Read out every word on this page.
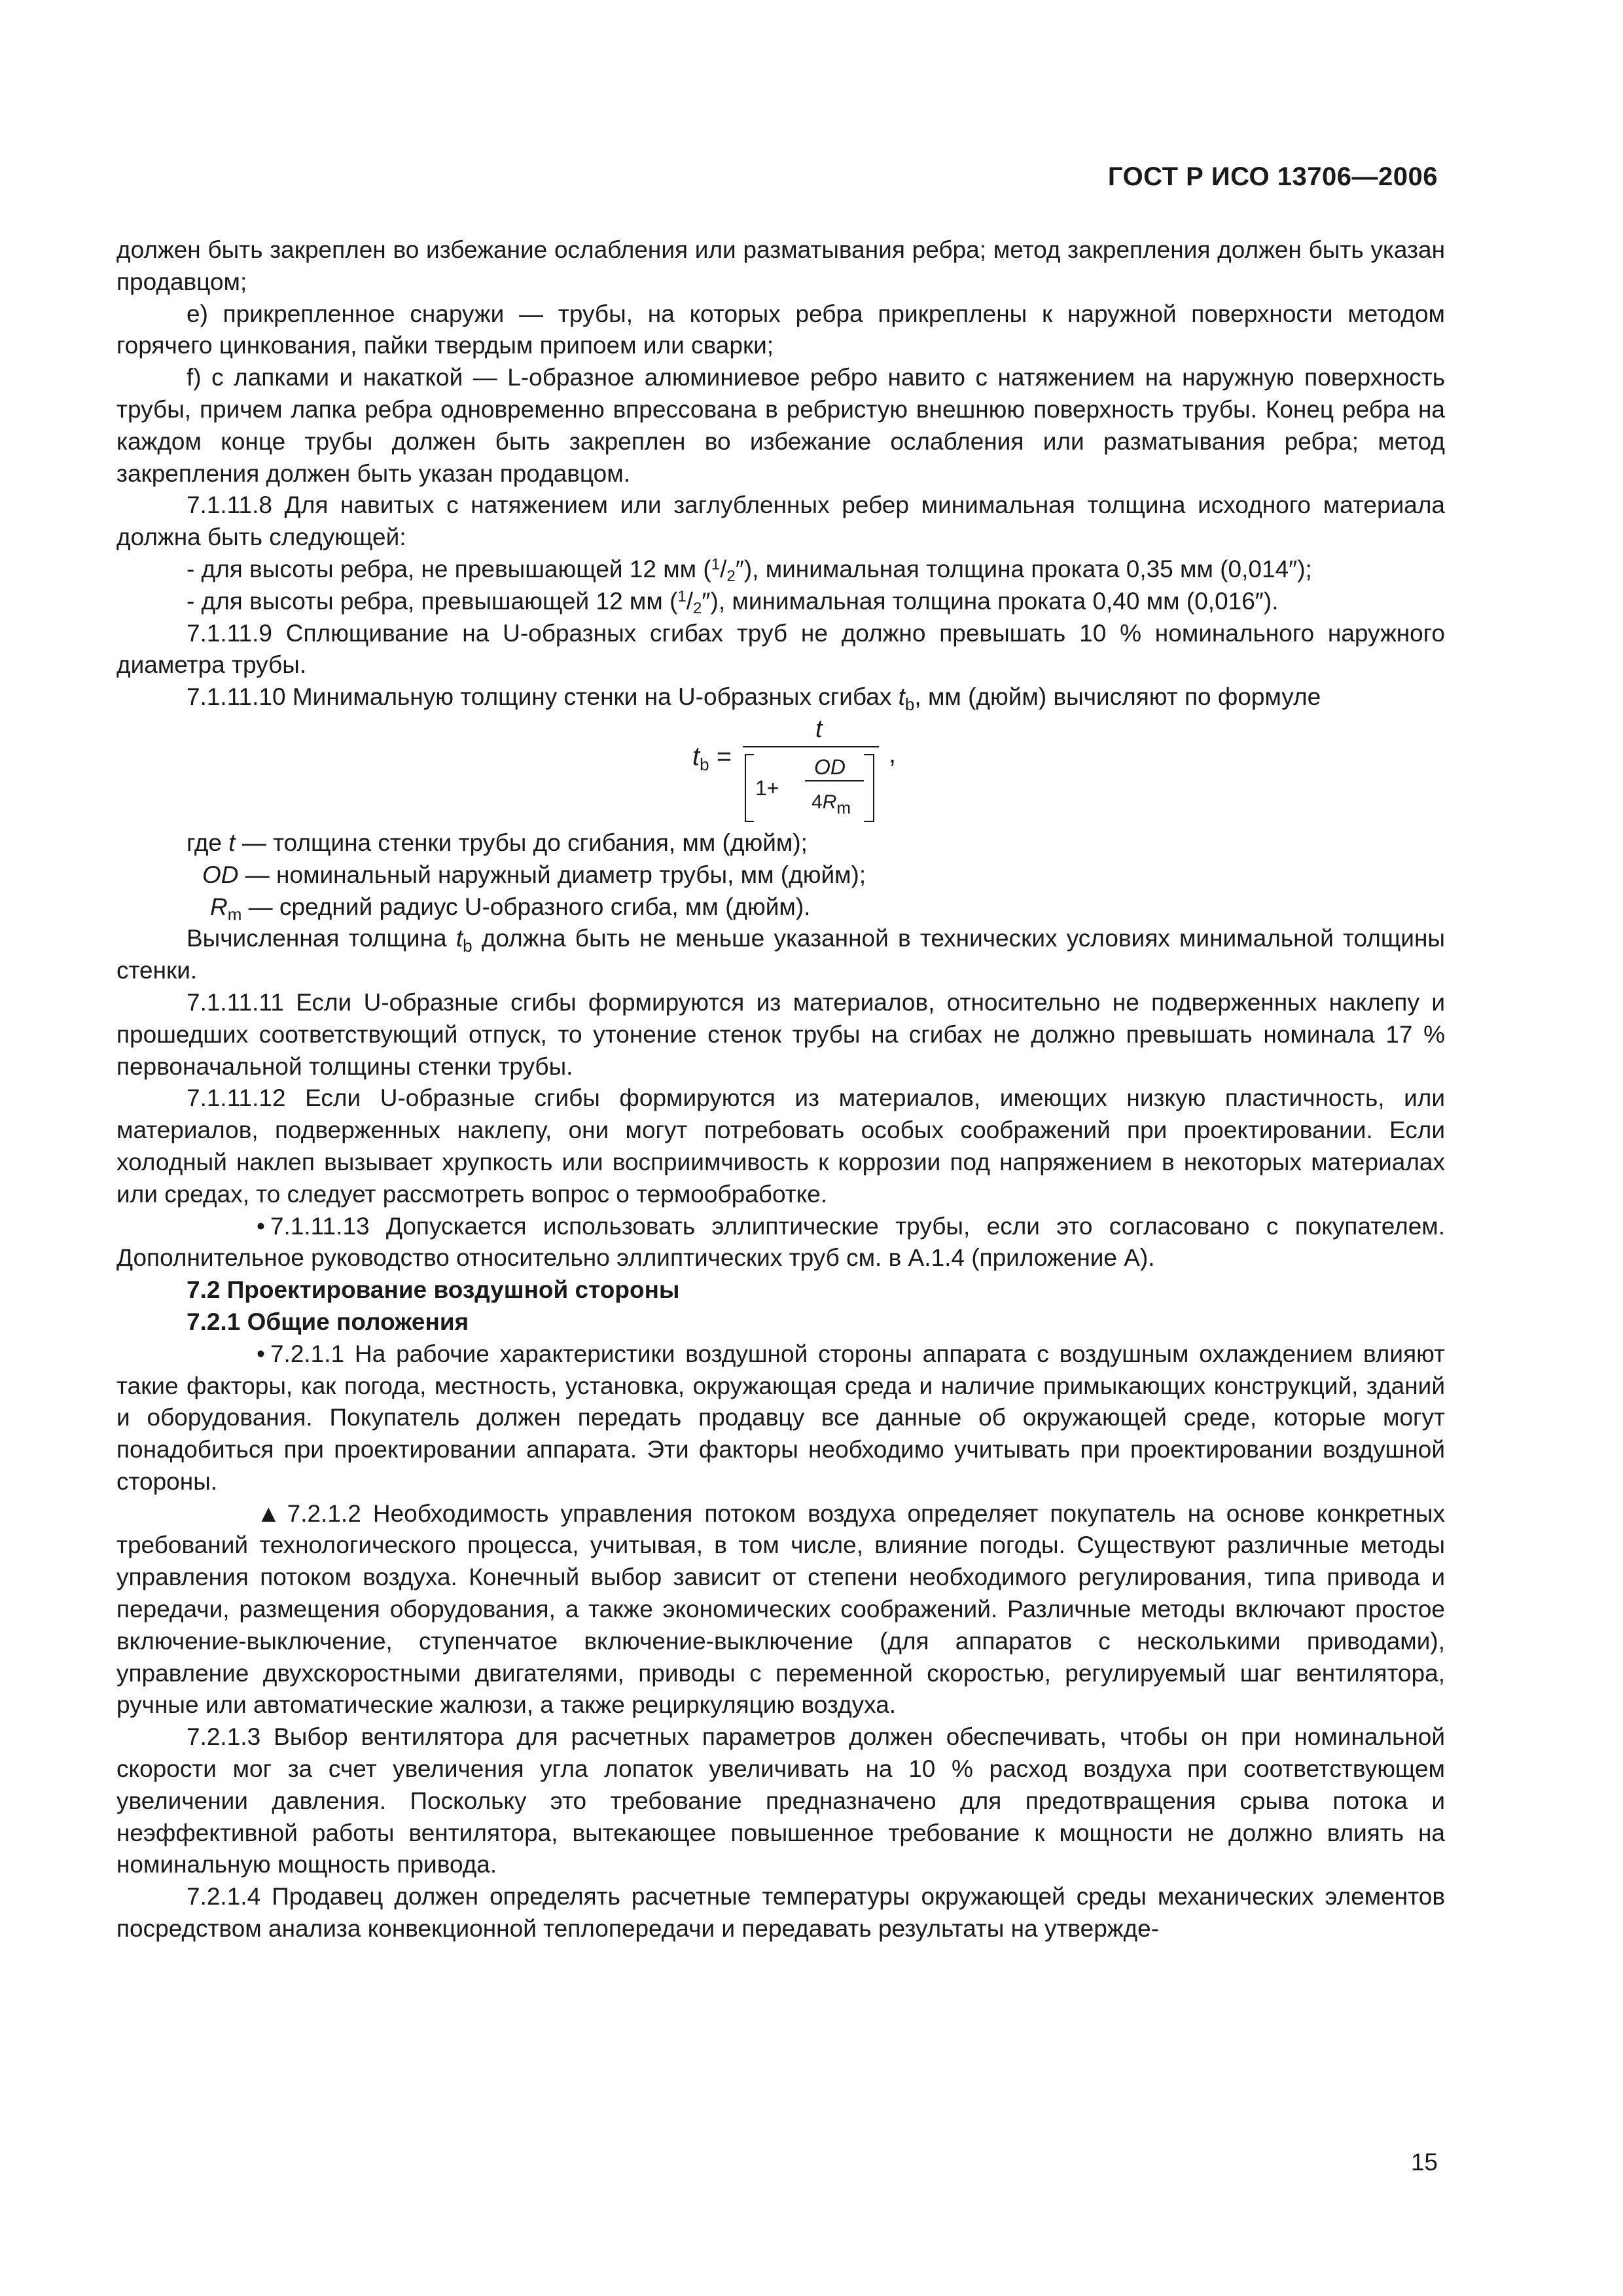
ГОСТ Р ИСО 13706—2006

должен быть закреплен во избежание ослабления или разматывания ребра; метод закрепления должен быть указан продавцом;

e) прикрепленное снаружи — трубы, на которых ребра прикреплены к наружной поверхности методом горячего цинкования, пайки твердым припоем или сварки;

f) с лапками и накаткой — L-образное алюминиевое ребро навито с натяжением на наружную поверхность трубы, причем лапка ребра одновременно впрессована в ребристую внешнюю поверхность трубы. Конец ребра на каждом конце трубы должен быть закреплен во избежание ослабления или разматывания ребра; метод закрепления должен быть указан продавцом.

7.1.11.8 Для навитых с натяжением или заглубленных ребер минимальная толщина исходного материала должна быть следующей:

- для высоты ребра, не превышающей 12 мм ($^1$/2″), минимальная толщина проката 0,35 мм (0,014″);

- для высоты ребра, превышающей 12 мм ($^1$/2″), минимальная толщина проката 0,40 мм (0,016″).

7.1.11.9 Сплющивание на U-образных сгибах труб не должно превышать 10 % номинального наружного диаметра трубы.

7.1.11.10 Минимальную толщину стенки на U-образных сгибах $t_b$, мм (дюйм) вычисляют по формуле

$t_b$ =
t
1+
OD
4Rm
,

где t — толщина стенки трубы до сгибания, мм (дюйм);

OD — номинальный наружный диаметр трубы, мм (дюйм);

$R_m$ — средний радиус U-образного сгиба, мм (дюйм).

Вычисленная толщина $t_b$ должна быть не меньше указанной в технических условиях минимальной толщины стенки.

7.1.11.11 Если U-образные сгибы формируются из материалов, относительно не подверженных наклепу и прошедших соответствующий отпуск, то утонение стенок трубы на сгибах не должно превышать номинала 17 % первоначальной толщины стенки трубы.

7.1.11.12 Если U-образные сгибы формируются из материалов, имеющих низкую пластичность, или материалов, подверженных наклепу, они могут потребовать особых соображений при проектировании. Если холодный наклеп вызывает хрупкость или восприимчивость к коррозии под напряжением в некоторых материалах или средах, то следует рассмотреть вопрос о термообработке.

• 7.1.11.13 Допускается использовать эллиптические трубы, если это согласовано с покупателем. Дополнительное руководство относительно эллиптических труб см. в А.1.4 (приложение А).

7.2 Проектирование воздушной стороны

7.2.1 Общие положения

• 7.2.1.1 На рабочие характеристики воздушной стороны аппарата с воздушным охлаждением влияют такие факторы, как погода, местность, установка, окружающая среда и наличие примыкающих конструкций, зданий и оборудования. Покупатель должен передать продавцу все данные об окружающей среде, которые могут понадобиться при проектировании аппарата. Эти факторы необходимо учитывать при проектировании воздушной стороны.

▲ 7.2.1.2 Необходимость управления потоком воздуха определяет покупатель на основе конкретных требований технологического процесса, учитывая, в том числе, влияние погоды. Существуют различные методы управления потоком воздуха. Конечный выбор зависит от степени необходимого регулирования, типа привода и передачи, размещения оборудования, а также экономических соображений. Различные методы включают простое включение-выключение, ступенчатое включение-выключение (для аппаратов с несколькими приводами), управление двухскоростными двигателями, приводы с переменной скоростью, регулируемый шаг вентилятора, ручные или автоматические жалюзи, а также рециркуляцию воздуха.

7.2.1.3 Выбор вентилятора для расчетных параметров должен обеспечивать, чтобы он при номинальной скорости мог за счет увеличения угла лопаток увеличивать на 10 % расход воздуха при соответствующем увеличении давления. Поскольку это требование предназначено для предотвращения срыва потока и неэффективной работы вентилятора, вытекающее повышенное требование к мощности не должно влиять на номинальную мощность привода.

7.2.1.4 Продавец должен определять расчетные температуры окружающей среды механических элементов посредством анализа конвекционной теплопередачи и передавать результаты на утвержде-

15
